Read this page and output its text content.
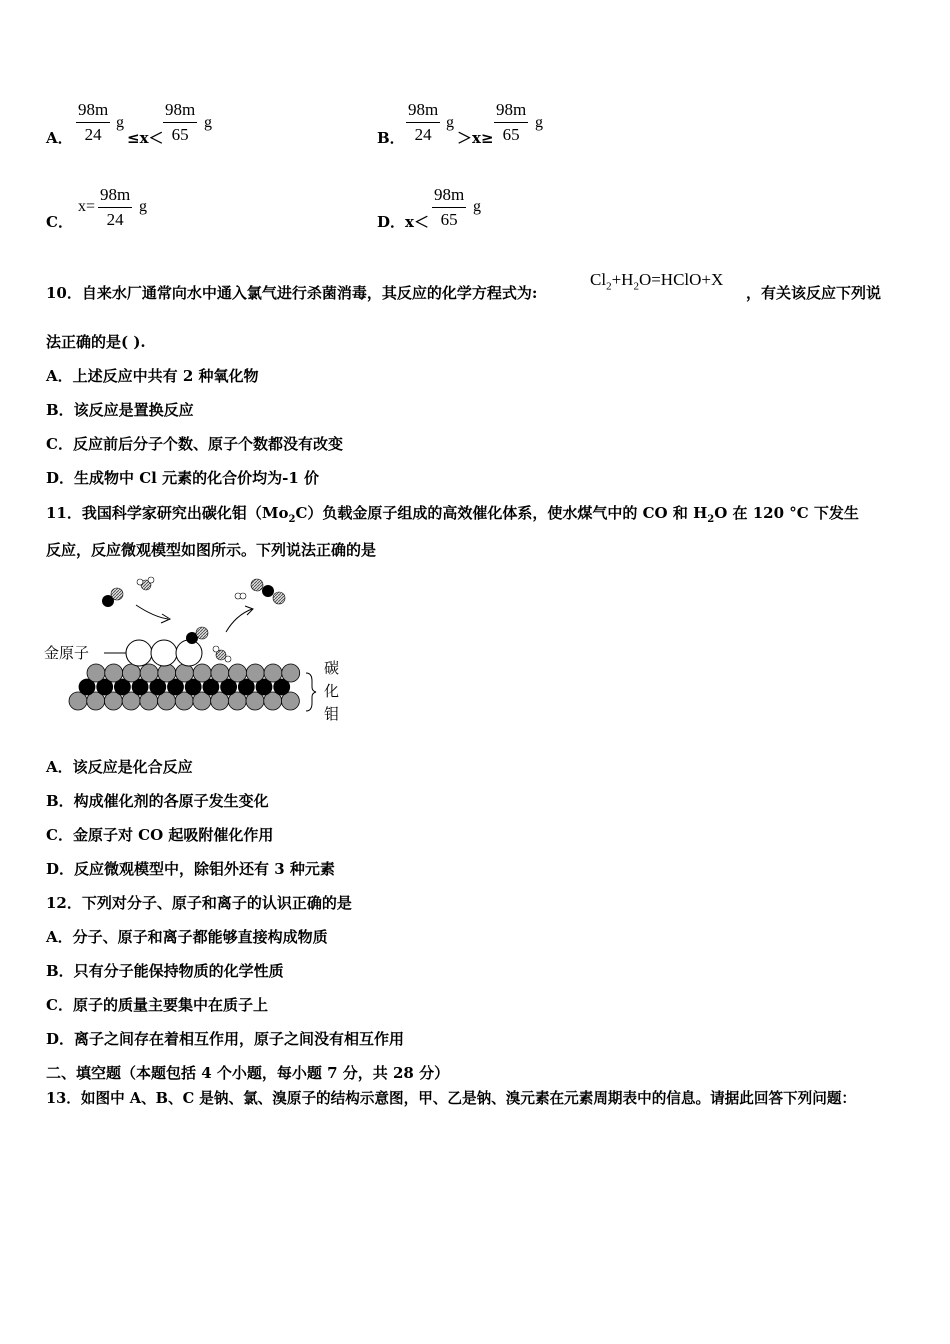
A．
98m
24
g
≤x＜
98m
65
g
B．
98m
24
g
＞x≥
98m
65
g
C．
x=
98m
24
g
D． x＜
98m
65
g
10．自来水厂通常向水中通入氯气进行杀菌消毒，其反应的化学方程式为:
$Cl_2+H_2O=HClO+X$
，有关该反应下列说
法正确的是( ).
A．上述反应中共有 2 种氧化物
B．该反应是置换反应
C．反应前后分子个数、原子个数都没有改变
D．生成物中 Cl 元素的化合价均为-1 价
11．我国科学家研究出碳化钼$(Mo_2C)$负载金原子组成的高效催化体系，使水煤气中的 CO 和 $H_2O$ 在 120 °C 下发生
反应，反应微观模型如图所示。下列说法正确的是
金原子
碳
化
钼
A．该反应是化合反应
B．构成催化剂的各原子发生变化
C．金原子对 CO 起吸附催化作用
D．反应微观模型中，除钼外还有 3 种元素
12．下列对分子、原子和离子的认识正确的是
A．分子、原子和离子都能够直接构成物质
B．只有分子能保持物质的化学性质
C．原子的质量主要集中在质子上
D．离子之间存在着相互作用，原子之间没有相互作用
二、填空题（本题包括 4 个小题，每小题 7 分，共 28 分）
13．如图中 A、B、C 是钠、氯、溴原子的结构示意图，甲、乙是钠、溴元素在元素周期表中的信息。请据此回答下列问题：
